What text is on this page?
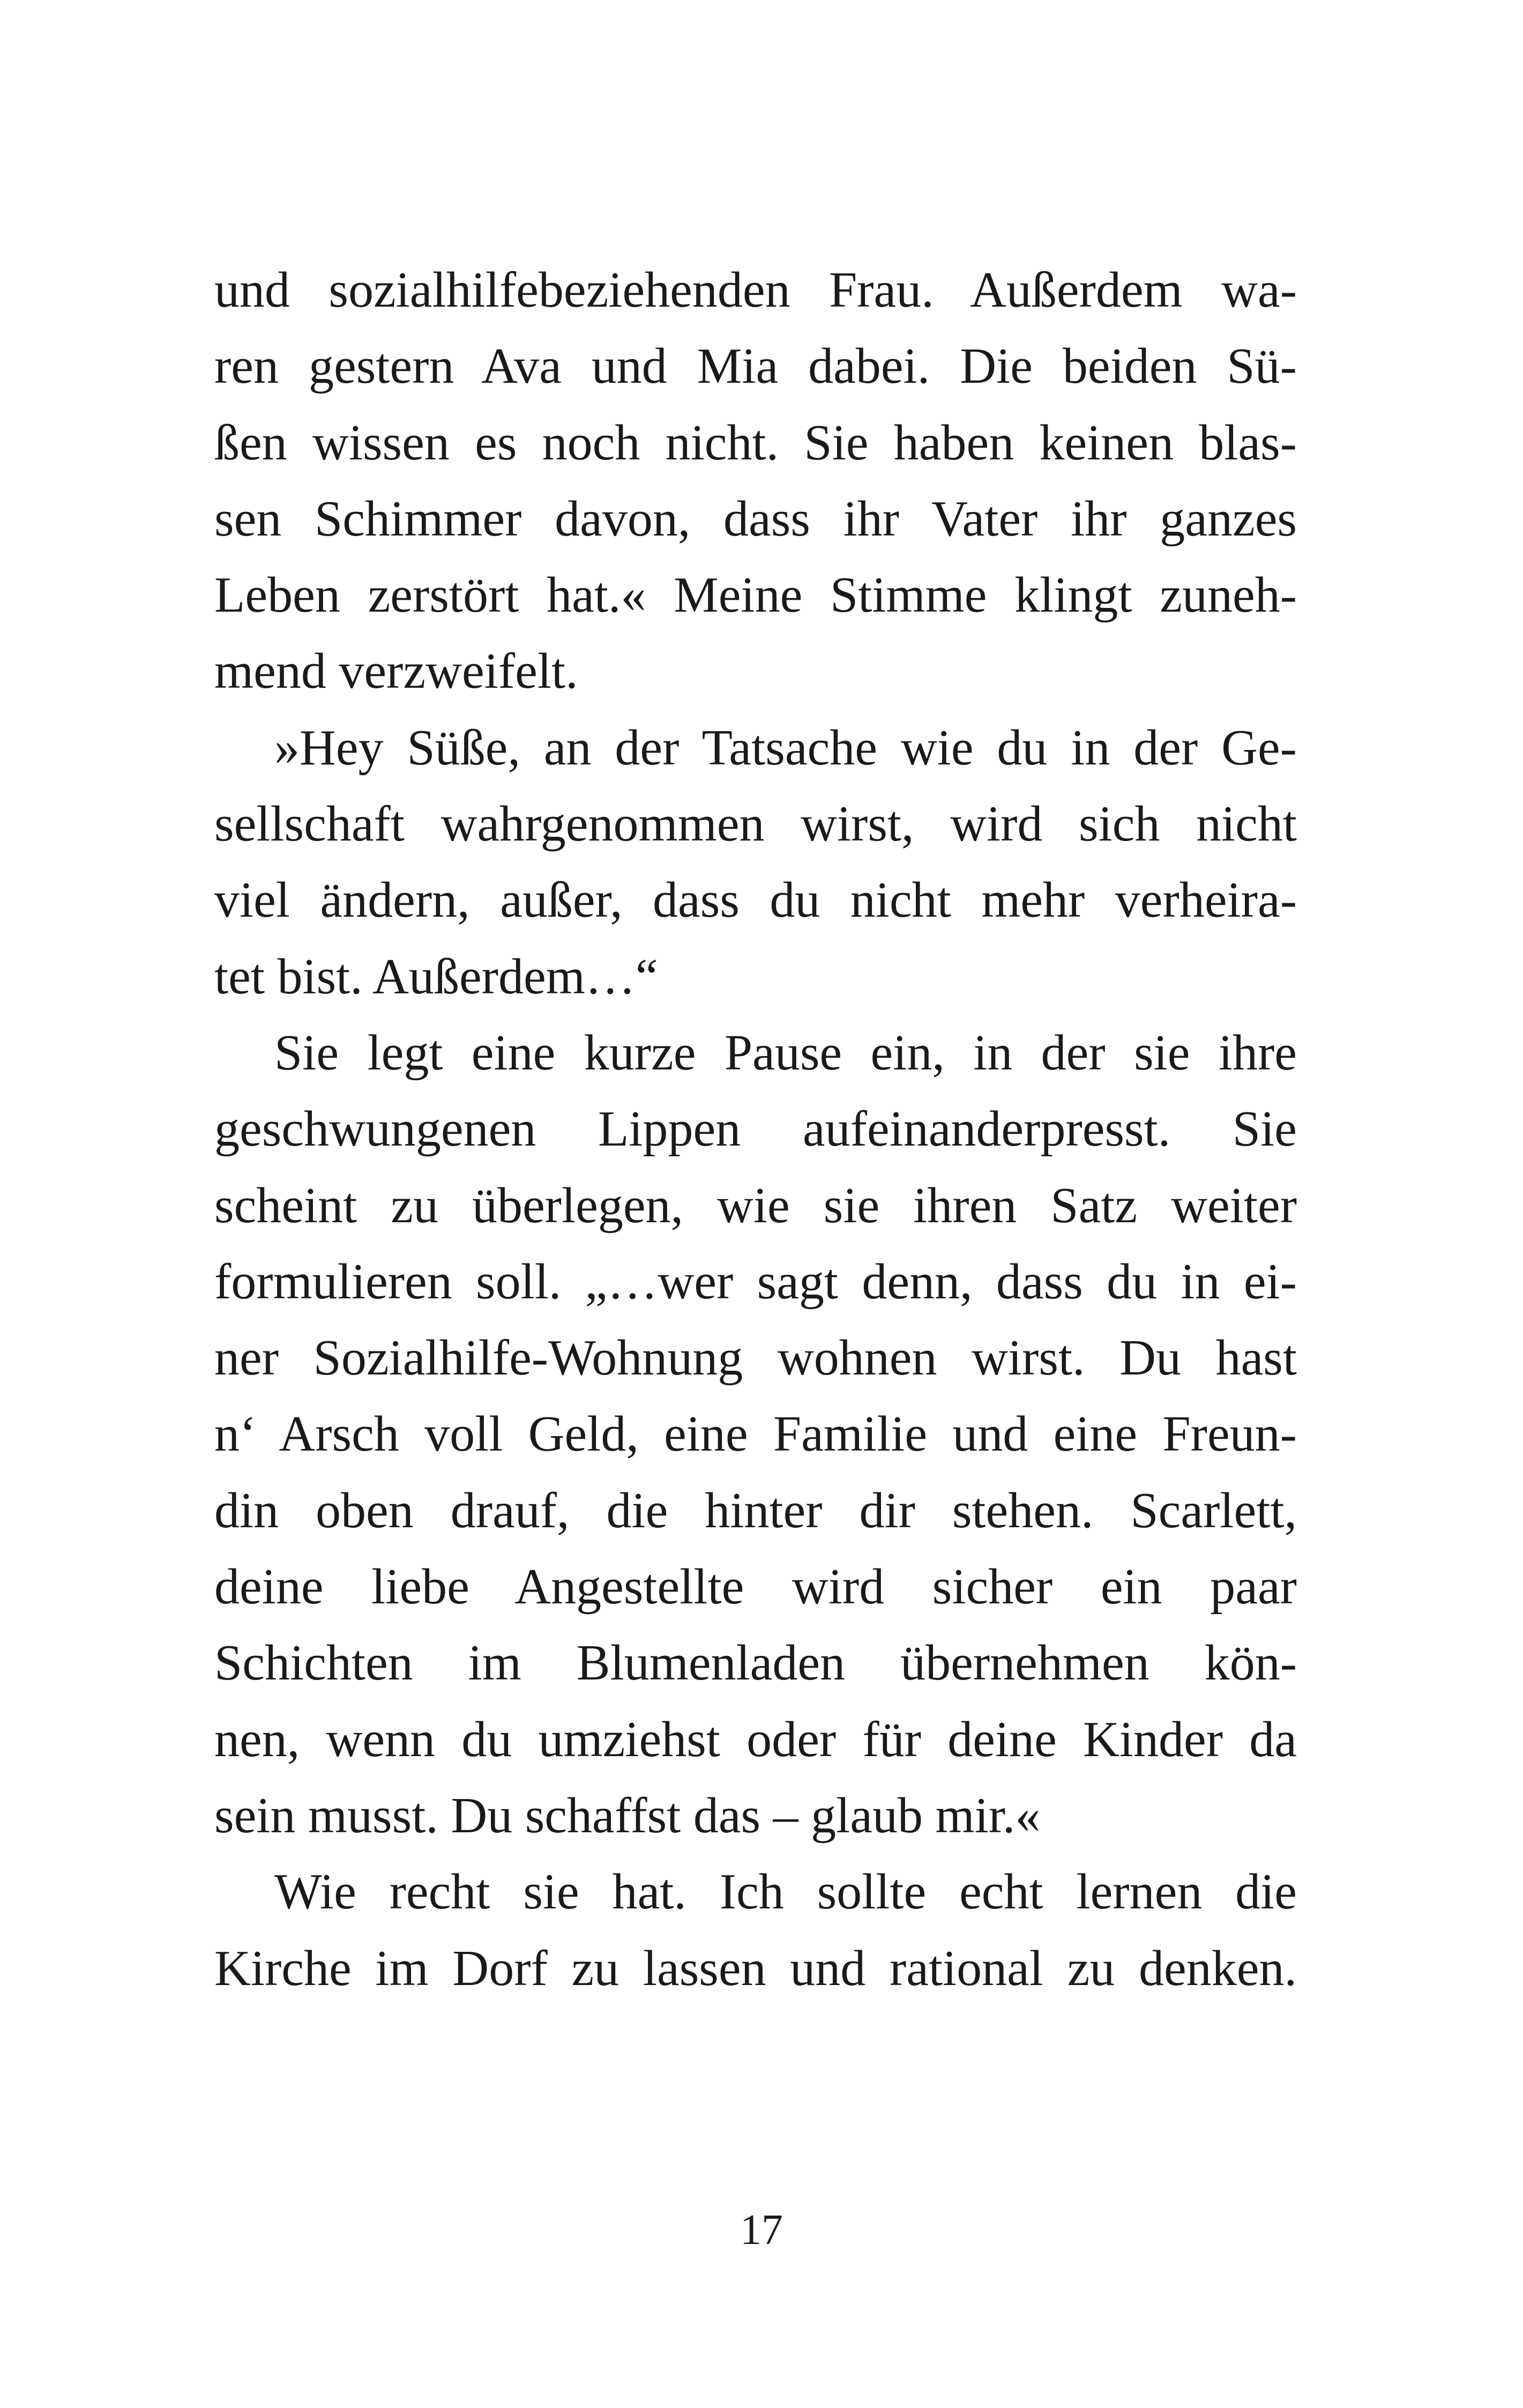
und sozialhilfebeziehenden Frau. Außerdem wa-
ren gestern Ava und Mia dabei. Die beiden Sü-
ßen wissen es noch nicht. Sie haben keinen blas-
sen Schimmer davon, dass ihr Vater ihr ganzes
Leben zerstört hat.« Meine Stimme klingt zuneh-
mend verzweifelt.
»Hey Süße, an der Tatsache wie du in der Ge-
sellschaft wahrgenommen wirst, wird sich nicht
viel ändern, außer, dass du nicht mehr verheira-
tet bist. Außerdem…“
Sie legt eine kurze Pause ein, in der sie ihre
geschwungenen Lippen aufeinanderpresst. Sie
scheint zu überlegen, wie sie ihren Satz weiter
formulieren soll. „…wer sagt denn, dass du in ei-
ner Sozialhilfe-Wohnung wohnen wirst. Du hast
n‘ Arsch voll Geld, eine Familie und eine Freun-
din oben drauf, die hinter dir stehen. Scarlett,
deine liebe Angestellte wird sicher ein paar
Schichten im Blumenladen übernehmen kön-
nen, wenn du umziehst oder für deine Kinder da
sein musst. Du schaffst das – glaub mir.«
Wie recht sie hat. Ich sollte echt lernen die
Kirche im Dorf zu lassen und rational zu denken.
17
